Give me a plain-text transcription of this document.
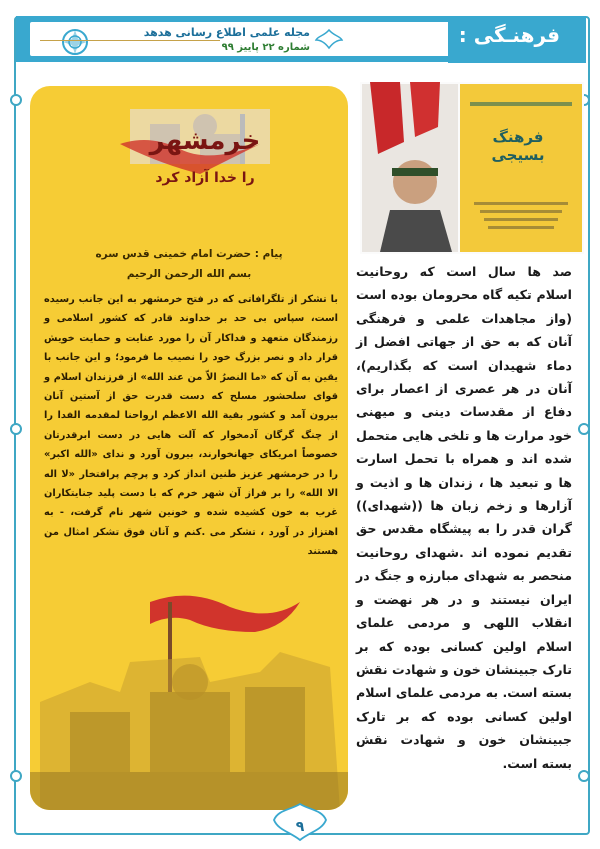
مجله علمی اطلاع رسانی هدهد
شماره ۲۲ پاییز ۹۹
فرهنـگی :
خرمشهر
را خدا آزاد کرد
پیام : حضرت امام خمینی قدس سره
بسم الله الرحمن الرحیم
با تشکر از تلگرافاتی که در فتح خرمشهر به این جانب رسیده است، سپاس بی حد بر خداوند قادر که کشور اسلامی و رزمندگان متعهد و فداکار آن را مورد عنایت و حمایت خویش قرار داد و نصر بزرگ خود را نصیب ما فرمود؛ و این جانب با یقین به آن که «ما النصرُ الاّ من عند الله» از فرزندان اسلام و قوای سلحشور مسلح که دست قدرت حق از آستین آنان بیرون آمد و کشور بقیة الله الاعظم ارواحنا لمقدمه الفدا را از چنگ گرگان آدمخوار که آلت هایی در دست ابرقدرتان خصوصاً امریکای جهانخوارند، بیرون آورد و ندای «الله اکبر» را در خرمشهر عزیز طنین انداز کرد و پرچم پرافتخار «لا اله الا الله» را بر فراز آن شهر خرم که با دست پلید جنایتکاران غرب به خون کشیده شده و خونین شهر نام گرفت، - به اهتزاز در آورد ، تشکر می .کنم و آنان فوق تشکر امثال من هستند
فرهنگ بسیجی
صد ها سال است که روحانیت اسلام تکیه گاه محرومان بوده است (واز مجاهدات علمی و فرهنگی آنان که به حق از جهاتی افضل از دماء شهیدان است که بگذاریم)، آنان در هر عصری از اعصار برای دفاع از مقدسات دینی و میهنی خود مرارت ها و تلخی هایی متحمل شده اند و همراه با تحمل اسارت ها و تبعید ها ، زندان ها و اذیت و آزارها و زخم زبان ها ((شهدای)) گران قدر را به پیشگاه مقدس حق تقدیم نموده اند .شهدای روحانیت منحصر به شهدای مبارزه و جنگ در ایران نیستند و در هر نهضت و انقلاب اللهی و مردمی علمای اسلام اولین کسانی بوده که بر تارک جبینشان خون و شهادت نقش بسته است. به مردمی علمای اسلام اولین کسانی بوده که بر تارک جبینشان خون و شهادت نقش بسته است.
۹
